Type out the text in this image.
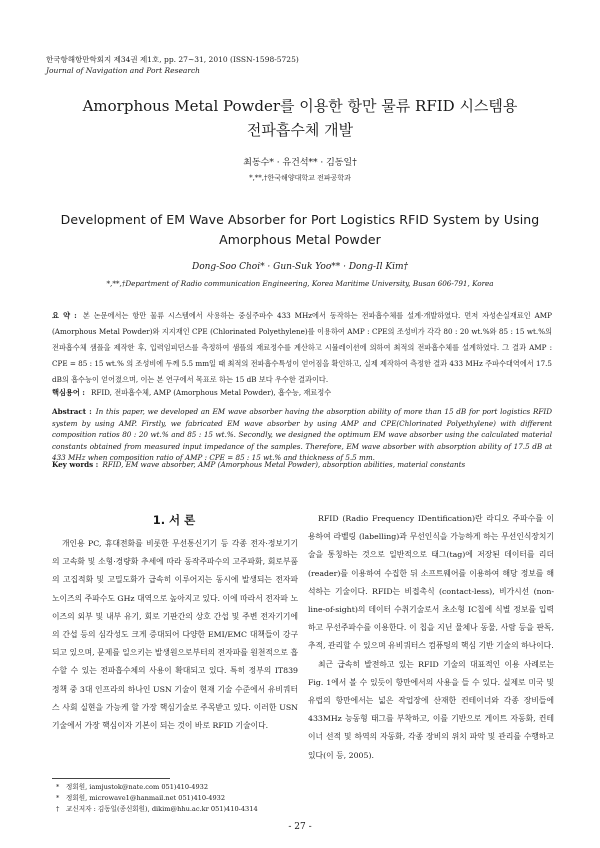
한국항해항만학회지 제34권 제1호, pp. 27~31, 2010 (ISSN-1598-5725)
Journal of Navigation and Port Research
Amorphous Metal Powder를 이용한 항만 물류 RFID 시스템용
전파흡수체 개발
최동수* · 유건석** · 김동일†
*,**,†한국해양대학교 전파공학과
Development of EM Wave Absorber for Port Logistics RFID System by Using
Amorphous Metal Powder
Dong-Soo Choi* · Gun-Suk Yoo** · Dong-Il Kim†
*,**,†Department of Radio communication Engineering, Korea Maritime University, Busan 606-791, Korea
요 약 : 본 논문에서는 항만 물류 시스템에서 사용하는 중심주파수 433 MHz에서 동작하는 전파흡수체를 설계·개발하였다. 먼저 자성손실재료인 AMP (Amorphous Metal Powder)와 지지재인 CPE (Chlorinated Polyethylene)를 이용하여 AMP : CPE의 조성비가 각각 80 : 20 wt.%와 85 : 15 wt.%의 전파흡수체 샘플을 제작한 후, 입력임피던스를 측정하여 샘플의 재료정수를 계산하고 시뮬레이션에 의하여 최적의 전파흡수체를 설계하였다. 그 결과 AMP : CPE = 85 : 15 wt.% 의 조성비에 두께 5.5 mm일 때 최적의 전파흡수특성이 얻어짐을 확인하고, 실제 제작하여 측정한 결과 433 MHz 주파수대역에서 17.5 dB의 흡수능이 얻어졌으며, 이는 본 연구에서 목표로 하는 15 dB 보다 우수한 결과이다.
핵심용어 : RFID, 전파흡수체, AMP (Amorphous Metal Powder), 흡수능, 재료정수
Abstract : In this paper, we developed an EM wave absorber having the absorption ability of more than 15 dB for port logistics RFID system by using AMP. Firstly, we fabricated EM wave absorber by using AMP and CPE(Chlorinated Polyethylene) with different composition ratios 80 : 20 wt.% and 85 : 15 wt.%. Secondly, we designed the optimum EM wave absorber using the calculated material constants obtained from measured input impedance of the samples. Therefore, EM wave absorber with absorption ability of 17.5 dB at 433 MHz when composition ratio of AMP : CPE = 85 : 15 wt.% and thickness of 5.5 mm.
Key words : RFID, EM wave absorber, AMP (Amorphous Metal Powder), absorption abilities, material constants
1. 서 론
개인용 PC, 휴대전화를 비롯한 무선통신기기 등 각종 전자·정보기기의 고속화 및 소형·경량화 추세에 따라 동작주파수의 고주파화, 회로부품의 고집적화 및 고밀도화가 급속히 이루어지는 동시에 발생되는 전자파 노이즈의 주파수도 GHz 대역으로 높아지고 있다. 이에 따라서 전자파 노이즈의 외부 및 내부 유기, 회로 기판간의 상호 간섭 및 주변 전자기기에의 간섭 등의 심각성도 크게 증대되어 다양한 EMI/EMC 대책들이 강구되고 있으며, 문제를 일으키는 발생원으로부터의 전자파를 원천적으로 흡수할 수 있는 전파흡수체의 사용이 확대되고 있다. 특히 정부의 IT839 정책 중 3대 인프라의 하나인 USN 기술이 현재 기술 수준에서 유비쿼터스 사회 실현을 가능케 할 가장 핵심기술로 주목받고 있다. 이러한 USN 기술에서 가장 핵심이자 기본이 되는 것이 바로 RFID 기술이다.

RFID (Radio Frequency IDentification)란 라디오 주파수를 이용하여 라벨링 (labelling)과 무선인식을 가능하게 하는 무선인식장치기술을 통칭하는 것으로 일반적으로 태그(tag)에 저장된 데이터를 리더 (reader)를 이용하여 수집한 뒤 소프트웨어를 이용하여 해당 정보를 해석하는 기술이다. RFID는 비접촉식 (contact-less), 비가시선 (non-line-of-sight)의 데이터 수취기술로서 초소형 IC칩에 식별 정보를 입력하고 무선주파수를 이용한다. 이 칩을 지닌 물체나 동물, 사람 등을 판독, 추적, 관리할 수 있으며 유비쿼터스 컴퓨팅의 핵심 기반 기술의 하나이다.

최근 급속히 발전하고 있는 RFID 기술의 대표적인 이용 사례로는 Fig. 1에서 볼 수 있듯이 항만에서의 사용을 들 수 있다. 실제로 미국 및 유럽의 항만에서는 넓은 작업장에 산재한 컨테이너와 각종 장비들에 433MHz 능동형 태그를 부착하고, 이를 기반으로 게이트 자동화, 컨테이너 선적 및 하역의 자동화, 각종 장비의 위치 파악 및 관리를 수행하고 있다(이 등, 2005).

* 정회원, iamjustok@nate.com 051)410-4932
* 정회원, microwave1@hanmail.net 051)410-4932
† 교신저자 : 김동일(종신회원), dikim@hhu.ac.kr 051)410-4314
- 27 -
